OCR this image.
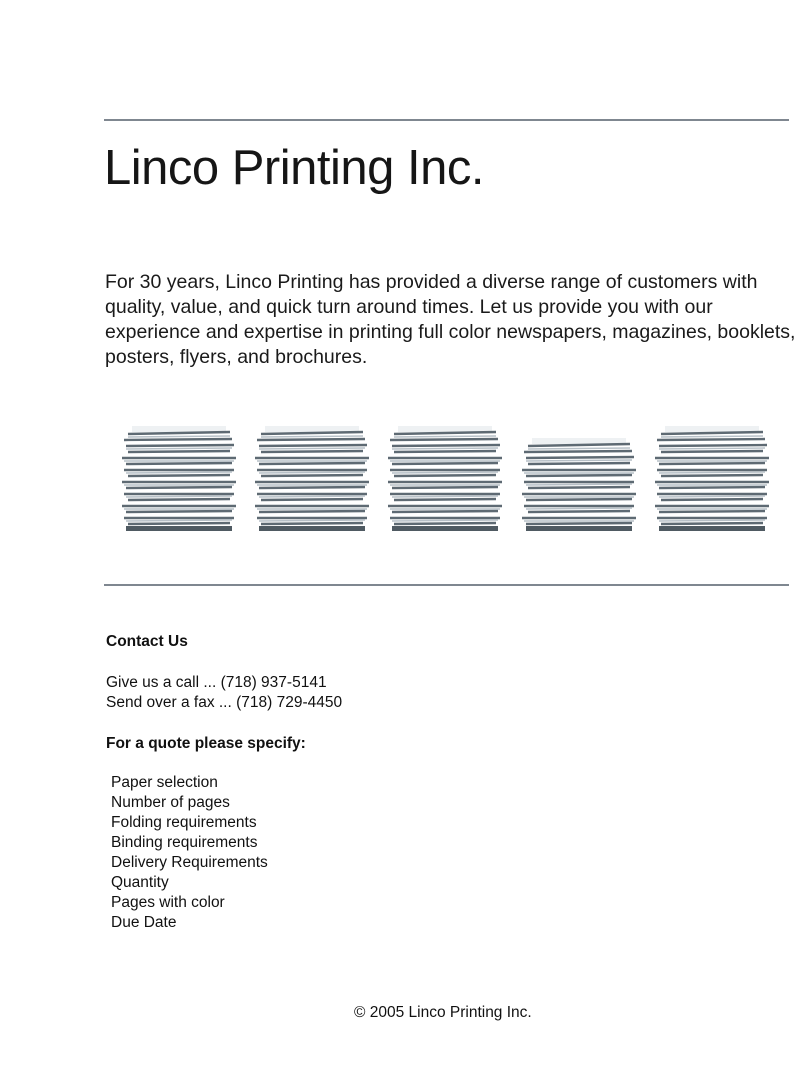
Linco Printing Inc.

For 30 years, Linco Printing has provided a diverse range of customers with quality, value, and quick turn around times. Let us provide you with our experience and expertise in printing full color newspapers, magazines, booklets, posters, flyers, and brochures.

Contact Us
Give us a call ... (718) 937-5141
Send over a fax ... (718) 729-4450
For a quote please specify:
Paper selection
Number of pages
Folding requirements
Binding requirements
Delivery Requirements
Quantity
Pages with color
Due Date
© 2005 Linco Printing Inc.
